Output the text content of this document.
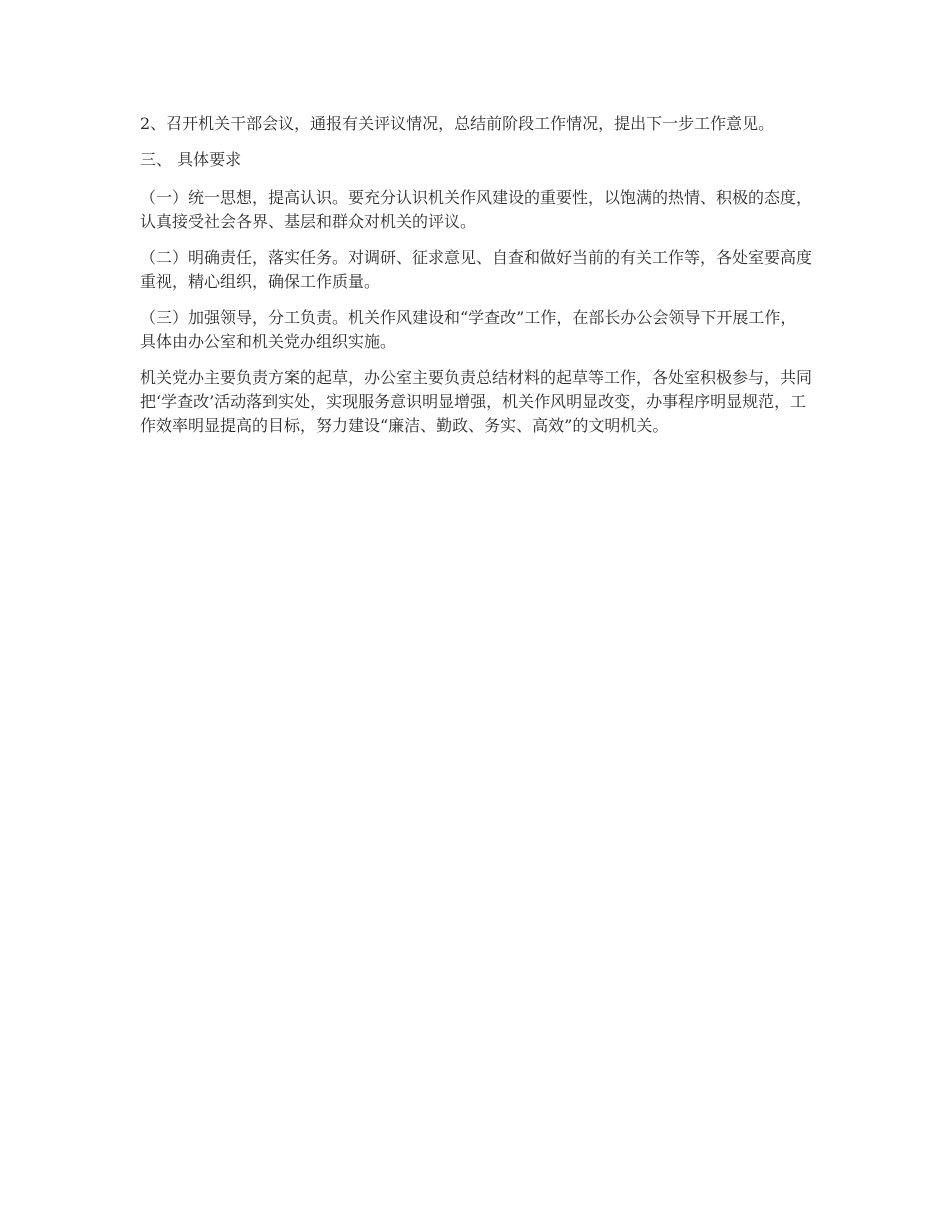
2、召开机关干部会议，通报有关评议情况，总结前阶段工作情况，提出下一步工作意见。

三、 具体要求

（一）统一思想，提高认识。要充分认识机关作风建设的重要性，以饱满的热情、积极的态度，认真接受社会各界、基层和群众对机关的评议。

（二）明确责任，落实任务。对调研、征求意见、自查和做好当前的有关工作等，各处室要高度重视，精心组织，确保工作质量。

（三）加强领导，分工负责。机关作风建设和“学查改”工作，在部长办公会领导下开展工作，具体由办公室和机关党办组织实施。

机关党办主要负责方案的起草，办公室主要负责总结材料的起草等工作，各处室积极参与，共同把‘学查改’活动落到实处，实现服务意识明显增强，机关作风明显改变，办事程序明显规范，工作效率明显提高的目标，努力建设“廉洁、勤政、务实、高效”的文明机关。
